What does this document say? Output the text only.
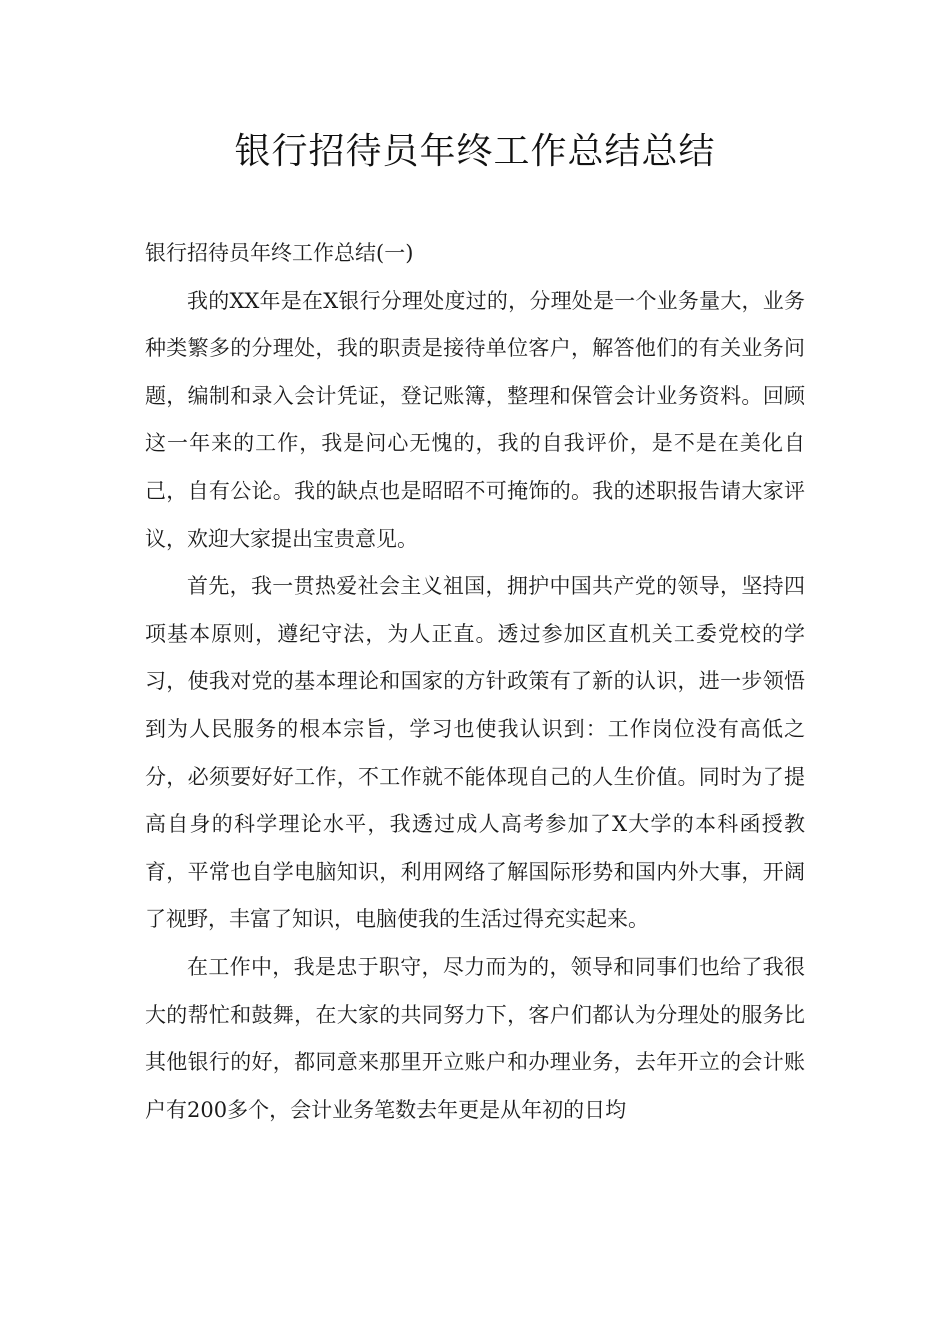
银行招待员年终工作总结总结

银行招待员年终工作总结(一)

我的XX年是在X银行分理处度过的，分理处是一个业务量大，业务种类繁多的分理处，我的职责是接待单位客户，解答他们的有关业务问题，编制和录入会计凭证，登记账簿，整理和保管会计业务资料。回顾这一年来的工作，我是问心无愧的，我的自我评价，是不是在美化自己，自有公论。我的缺点也是昭昭不可掩饰的。我的述职报告请大家评议，欢迎大家提出宝贵意见。

首先，我一贯热爱社会主义祖国，拥护中国共产党的领导，坚持四项基本原则，遵纪守法，为人正直。透过参加区直机关工委党校的学习，使我对党的基本理论和国家的方针政策有了新的认识，进一步领悟到为人民服务的根本宗旨，学习也使我认识到：工作岗位没有高低之分，必须要好好工作，不工作就不能体现自己的人生价值。同时为了提高自身的科学理论水平，我透过成人高考参加了X大学的本科函授教育，平常也自学电脑知识，利用网络了解国际形势和国内外大事，开阔了视野，丰富了知识，电脑使我的生活过得充实起来。

在工作中，我是忠于职守，尽力而为的，领导和同事们也给了我很大的帮忙和鼓舞，在大家的共同努力下，客户们都认为分理处的服务比其他银行的好，都同意来那里开立账户和办理业务，去年开立的会计账户有200多个，会计业务笔数去年更是从年初的日均
